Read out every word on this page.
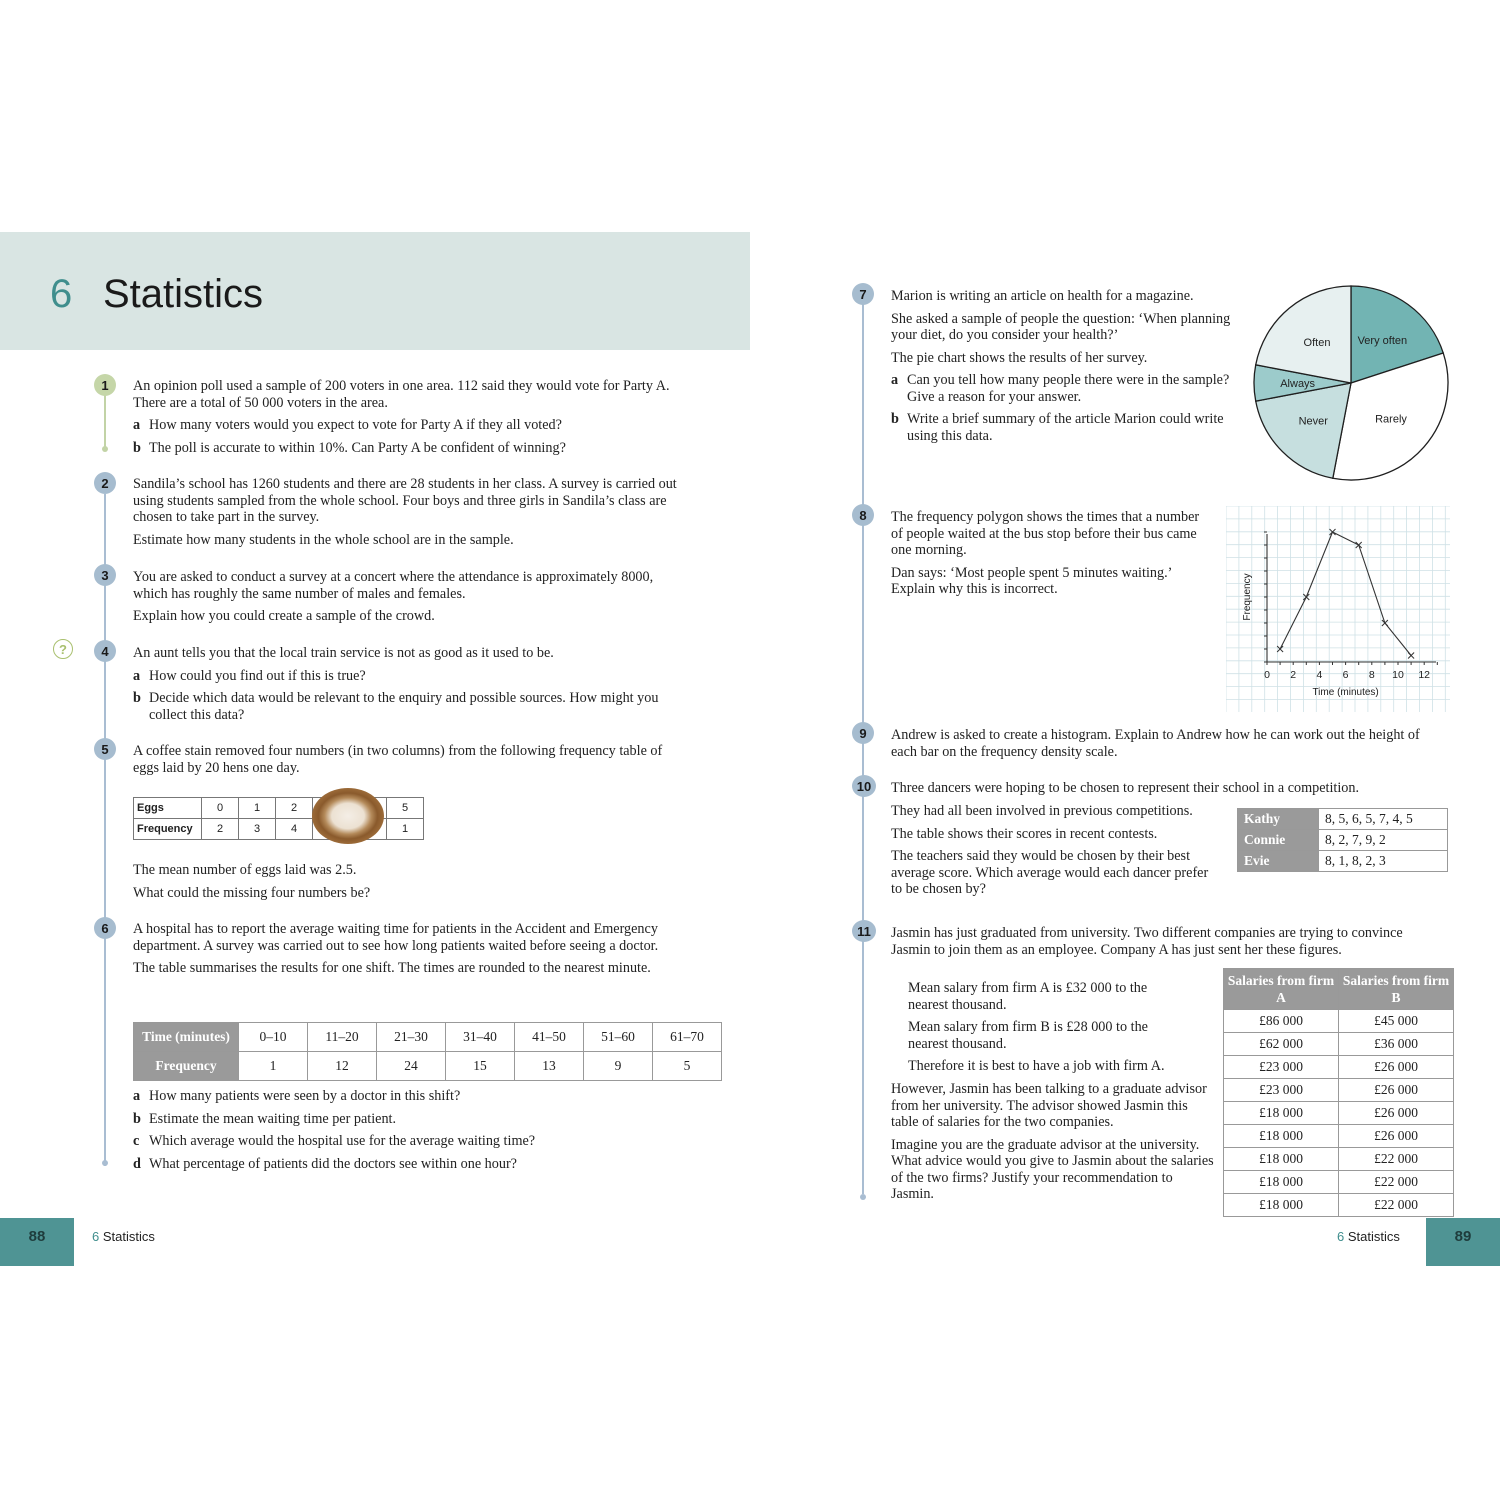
6 Statistics
1	An opinion poll used a sample of 200 voters in one area. 112 said they would vote for Party A. There are a total of 50 000 voters in the area.

a How many voters would you expect to vote for Party A if they all voted?
b The poll is accurate to within 10%. Can Party A be confident of winning?
2	Sandila’s school has 1260 students and there are 28 students in her class. A survey is carried out using students sampled from the whole school. Four boys and three girls in Sandila’s class are chosen to take part in the survey.

Estimate how many students in the whole school are in the sample.

3	You are asked to conduct a survey at a concert where the attendance is approximately 8000, which has roughly the same number of males and females.

Explain how you could create a sample of the crowd.

?	4	An aunt tells you that the local train service is not as good as it used to be.

a How could you find out if this is true?
b Decide which data would be relevant to the enquiry and possible sources. How might you collect this data?
5	A coffee stain removed four numbers (in two columns) from the following frequency table of eggs laid by 20 hens one day.

Eggs	0	1	2			5
Frequency	2	3	4			1

The mean number of eggs laid was 2.5.

What could the missing four numbers be?

6	A hospital has to report the average waiting time for patients in the Accident and Emergency department. A survey was carried out to see how long patients waited before seeing a doctor.

The table summarises the results for one shift. The times are rounded to the nearest minute.

Time (minutes)	0–10	11–20	21–30	31–40	41–50	51–60	61–70
Frequency	1	12	24	15	13	9	5
a How many patients were seen by a doctor in this shift?
b Estimate the mean waiting time per patient.
c Which average would the hospital use for the average waiting time?
d What percentage of patients did the doctors see within one hour?
88	6 Statistics
7	Marion is writing an article on health for a magazine.

She asked a sample of people the question: ‘When planning your diet, do you consider your health?’

The pie chart shows the results of her survey.

a Can you tell how many people there were in the sample? Give a reason for your answer.
b Write a brief summary of the article Marion could write using this data.
Very often
Rarely
Never
Always
Often
8	The frequency polygon shows the times that a number of people waited at the bus stop before their bus came one morning.

Dan says: ‘Most people spent 5 minutes waiting.’ Explain why this is incorrect.

0 2 4 6 8 10 12
Time (minutes)
Frequency
9	Andrew is asked to create a histogram. Explain to Andrew how he can work out the height of each bar on the frequency density scale.

10	Three dancers were hoping to be chosen to represent their school in a competition.

They had all been involved in previous competitions.

The table shows their scores in recent contests.

The teachers said they would be chosen by their best average score. Which average would each dancer prefer to be chosen by?

Kathy	8, 5, 6, 5, 7, 4, 5
Connie	8, 2, 7, 9, 2
Evie	8, 1, 8, 2, 3
11	Jasmin has just graduated from university. Two different companies are trying to convince Jasmin to join them as an employee. Company A has just sent her these figures.

Mean salary from firm A is £32 000 to the nearest thousand.

Mean salary from firm B is £28 000 to the nearest thousand.

Therefore it is best to have a job with firm A.

However, Jasmin has been talking to a graduate advisor from her university. The advisor showed Jasmin this table of salaries for the two companies.

Imagine you are the graduate advisor at the university. What advice would you give to Jasmin about the salaries of the two firms? Justify your recommendation to Jasmin.

Salaries from firm A	Salaries from firm B
£86 000	£45 000
£62 000	£36 000
£23 000	£26 000
£23 000	£26 000
£18 000	£26 000
£18 000	£26 000
£18 000	£22 000
£18 000	£22 000
£18 000	£22 000
6 Statistics	89
